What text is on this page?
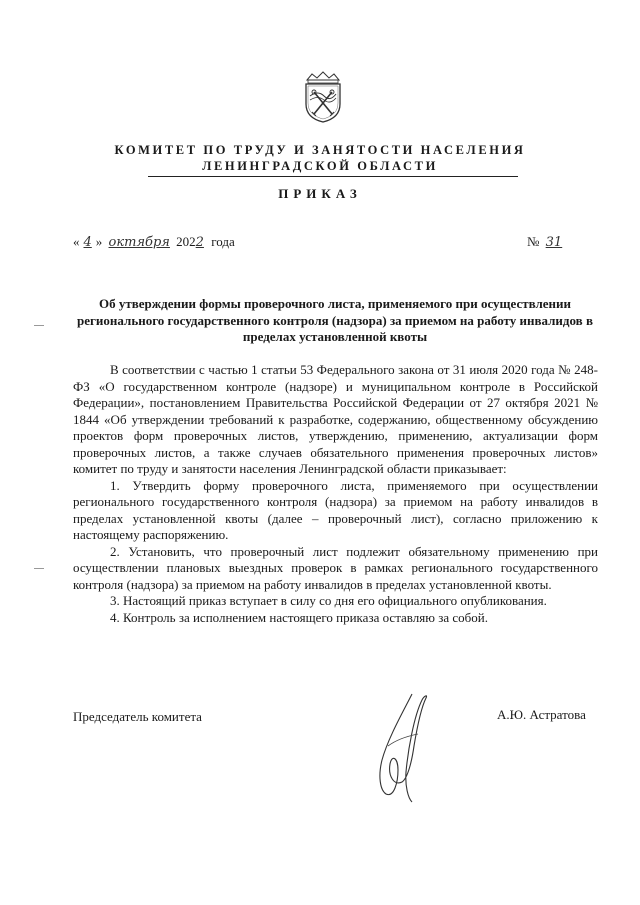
КОМИТЕТ ПО ТРУДУ И ЗАНЯТОСТИ НАСЕЛЕНИЯ
ЛЕНИНГРАДСКОЙ ОБЛАСТИ
ПРИКАЗ
« 4 » октября 2022 года	№ 31
Об утверждении формы проверочного листа, применяемого при осуществлении регионального государственного контроля (надзора) за приемом на работу инвалидов в пределах установленной квоты

В соответствии с частью 1 статьи 53 Федерального закона от 31 июля 2020 года № 248-ФЗ «О государственном контроле (надзоре) и муниципальном контроле в Российской Федерации», постановлением Правительства Российской Федерации от 27 октября 2021 № 1844 «Об утверждении требований к разработке, содержанию, общественному обсуждению проектов форм проверочных листов, утверждению, применению, актуализации форм проверочных листов, а также случаев обязательного применения проверочных листов» комитет по труду и занятости населения Ленинградской области приказывает:

1. Утвердить форму проверочного листа, применяемого при осуществлении регионального государственного контроля (надзора) за приемом на работу инвалидов в пределах установленной квоты (далее – проверочный лист), согласно приложению к настоящему распоряжению.

2. Установить, что проверочный лист подлежит обязательному применению при осуществлении плановых выездных проверок в рамках регионального государственного контроля (надзора) за приемом на работу инвалидов в пределах установленной квоты.

3. Настоящий приказ вступает в силу со дня его официального опубликования.

4. Контроль за исполнением настоящего приказа оставляю за собой.

Председатель комитета	А.Ю. Астратова
